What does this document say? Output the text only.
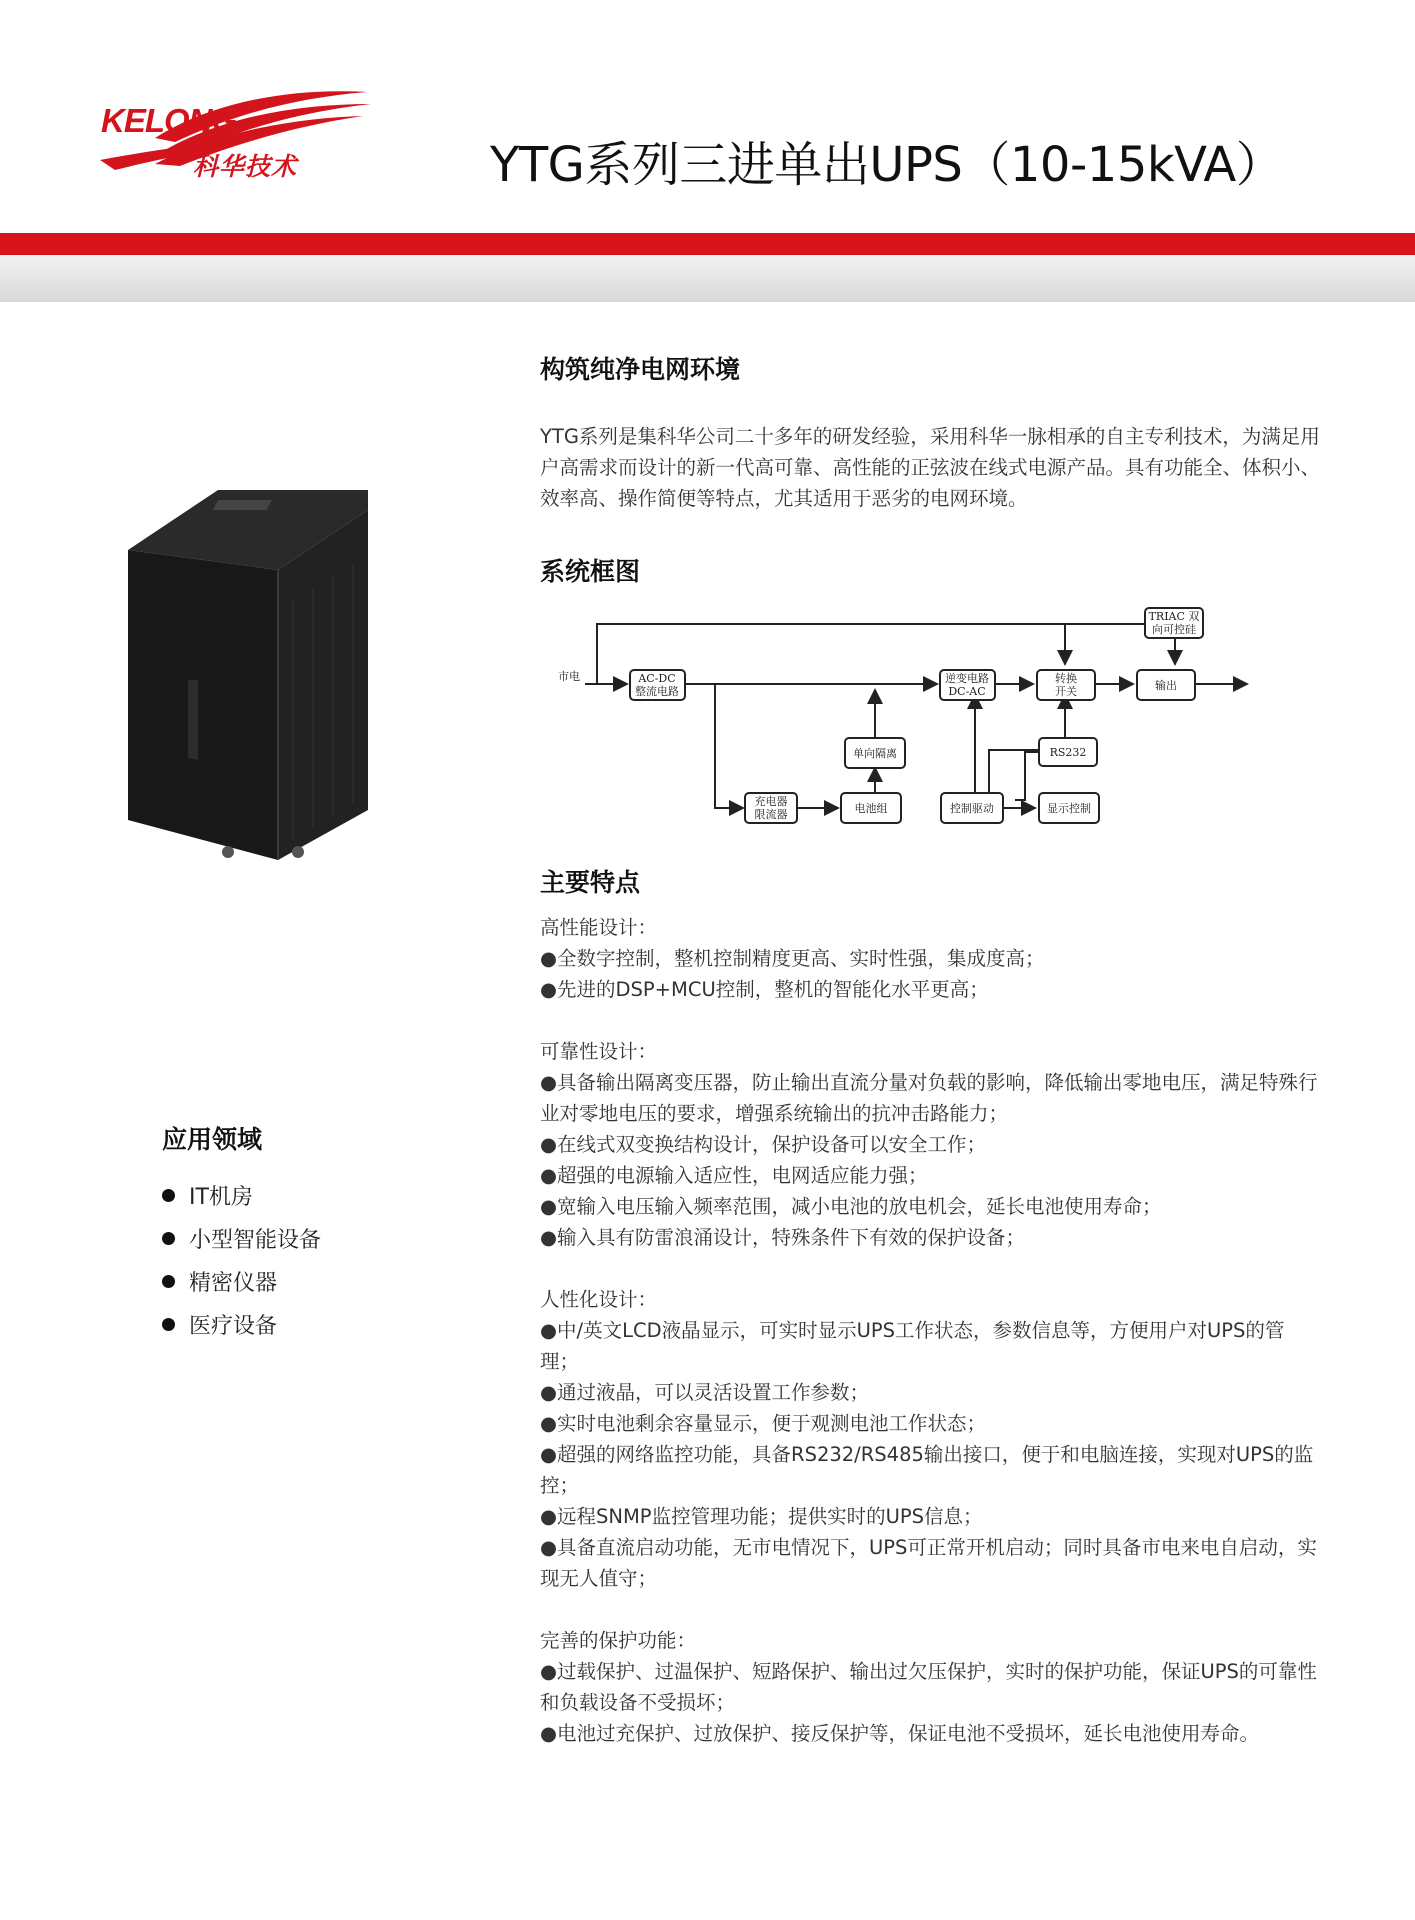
KELONG
科华技术	YTG系列三进单出UPS（10-15kVA）
构筑纯净电网环境
YTG系列是集科华公司二十多年的研发经验，采用科华一脉相承的自主专利技术，为满足用户高需求而设计的新一代高可靠、高性能的正弦波在线式电源产品。具有功能全、体积小、效率高、操作简便等特点，尤其适用于恶劣的电网环境。
系统框图
市电	AC-DC
整流电路
逆变电路
DC-AC
转换
开关	输出
TRIAC 双
向可控硅
单向隔离
充电器
限流器	电池组	控制驱动
RS232
显示控制
应用领域
IT机房
小型智能设备
精密仪器
医疗设备
主要特点
高性能设计：
●全数字控制，整机控制精度更高、实时性强，集成度高；
●先进的DSP+MCU控制，整机的智能化水平更高；
可靠性设计：
●具备输出隔离变压器，防止输出直流分量对负载的影响，降低输出零地电压，满足特殊行业对零地电压的要求，增强系统输出的抗冲击路能力；
●在线式双变换结构设计，保护设备可以安全工作；
●超强的电源输入适应性，电网适应能力强；
●宽输入电压输入频率范围，减小电池的放电机会，延长电池使用寿命；
●输入具有防雷浪涌设计，特殊条件下有效的保护设备；
人性化设计：
●中/英文LCD液晶显示，可实时显示UPS工作状态，参数信息等，方便用户对UPS的管理；
●通过液晶，可以灵活设置工作参数；
●实时电池剩余容量显示，便于观测电池工作状态；
●超强的网络监控功能，具备RS232/RS485输出接口，便于和电脑连接，实现对UPS的监控；
●远程SNMP监控管理功能；提供实时的UPS信息；
●具备直流启动功能，无市电情况下，UPS可正常开机启动；同时具备市电来电自启动，实现无人值守；
完善的保护功能：
●过载保护、过温保护、短路保护、输出过欠压保护，实时的保护功能，保证UPS的可靠性和负载设备不受损坏；
●电池过充保护、过放保护、接反保护等，保证电池不受损坏，延长电池使用寿命。
